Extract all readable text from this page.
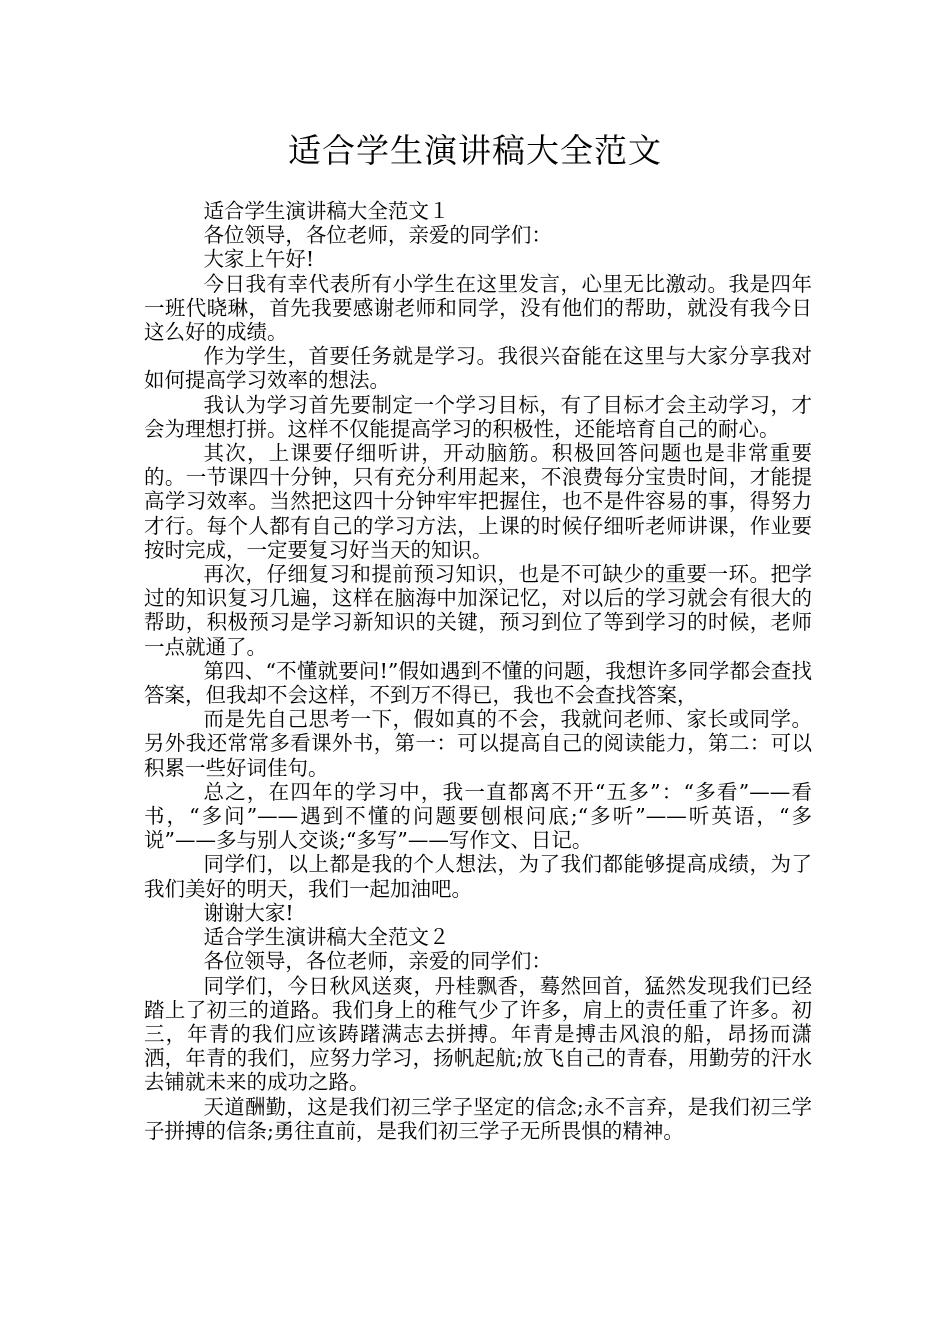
适合学生演讲稿大全范文

适合学生演讲稿大全范文１

各位领导，各位老师，亲爱的同学们：

大家上午好!

今日我有幸代表所有小学生在这里发言，心里无比激动。我是四年一班代晓琳，首先我要感谢老师和同学，没有他们的帮助，就没有我今日这么好的成绩。

作为学生，首要任务就是学习。我很兴奋能在这里与大家分享我对如何提高学习效率的想法。

我认为学习首先要制定一个学习目标，有了目标才会主动学习，才会为理想打拼。这样不仅能提高学习的积极性，还能培育自己的耐心。

其次，上课要仔细听讲，开动脑筋。积极回答问题也是非常重要的。一节课四十分钟，只有充分利用起来，不浪费每分宝贵时间，才能提高学习效率。当然把这四十分钟牢牢把握住，也不是件容易的事，得努力才行。每个人都有自己的学习方法，上课的时候仔细听老师讲课，作业要按时完成，一定要复习好当天的知识。

再次，仔细复习和提前预习知识，也是不可缺少的重要一环。把学过的知识复习几遍，这样在脑海中加深记忆，对以后的学习就会有很大的帮助，积极预习是学习新知识的关键，预习到位了等到学习的时候，老师一点就通了。

第四、“不懂就要问!”假如遇到不懂的问题，我想许多同学都会查找答案，但我却不会这样，不到万不得已，我也不会查找答案，

而是先自己思考一下，假如真的不会，我就问老师、家长或同学。 另外我还常常多看课外书，第一：可以提高自己的阅读能力，第二：可以积累一些好词佳句。

总之，在四年的学习中，我一直都离不开“五多”：“多看”——看书，“多问”——遇到不懂的问题要刨根问底;“多听”——听英语，“多说”——多与别人交谈;“多写”——写作文、日记。

同学们，以上都是我的个人想法，为了我们都能够提高成绩，为了我们美好的明天，我们一起加油吧。

谢谢大家!

适合学生演讲稿大全范文２

各位领导，各位老师，亲爱的同学们：

同学们，今日秋风送爽，丹桂飘香，蓦然回首，猛然发现我们已经踏上了初三的道路。我们身上的稚气少了许多，肩上的责任重了许多。初三，年青的我们应该踌躇满志去拼搏。年青是搏击风浪的船，昂扬而潇洒，年青的我们，应努力学习，扬帆起航;放飞自己的青春，用勤劳的汗水去铺就未来的成功之路。

天道酬勤，这是我们初三学子坚定的信念;永不言弃，是我们初三学子拼搏的信条;勇往直前，是我们初三学子无所畏惧的精神。
